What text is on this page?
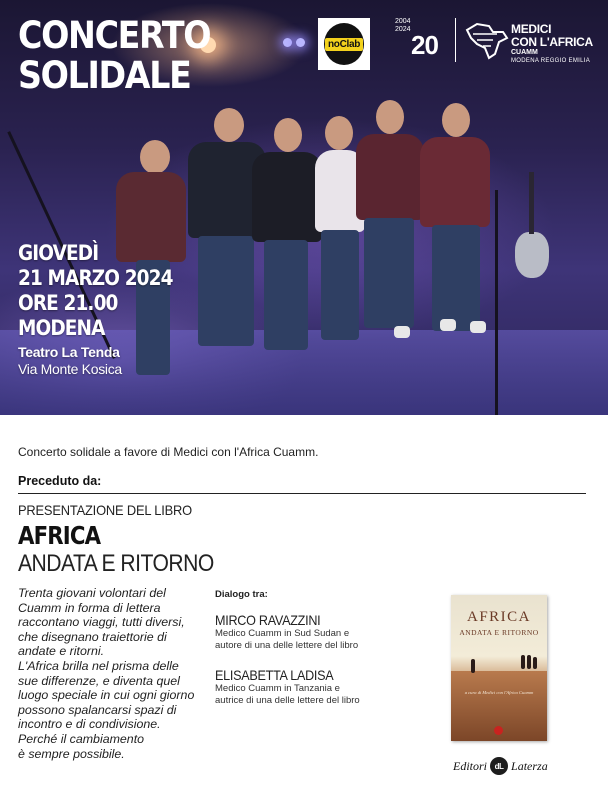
CONCERTO
SOLIDALE
noClab
2004
2024
20
MEDICI
CON L'AFRICA
CUAMM
MODENA REGGIO EMILIA
GIOVEDÌ
21 MARZO 2024
ORE 21.00
MODENA
Teatro La Tenda
Via Monte Kosica
Concerto solidale a favore di Medici con l'Africa Cuamm.
Preceduto da:
PRESENTAZIONE DEL LIBRO
AFRICA
ANDATA E RITORNO
Trenta giovani volontari del
Cuamm in forma di lettera
raccontano viaggi, tutti diversi,
che disegnano traiettorie di
andate e ritorni.
L'Africa brilla nel prisma delle
sue differenze, e diventa quel
luogo speciale in cui ogni giorno
possono spalancarsi spazi di
incontro e di condivisione.
Perché il cambiamento
è sempre possibile.
Dialogo tra:
MIRCO RAVAZZINI
Medico Cuamm in Sud Sudan e
autore di una delle lettere del libro
ELISABETTA LADISA
Medico Cuamm in Tanzania e
autrice di una delle lettere del libro
AFRICA
ANDATA E RITORNO
a cura di Medici con l'Africa Cuamm
Editori dL Laterza
